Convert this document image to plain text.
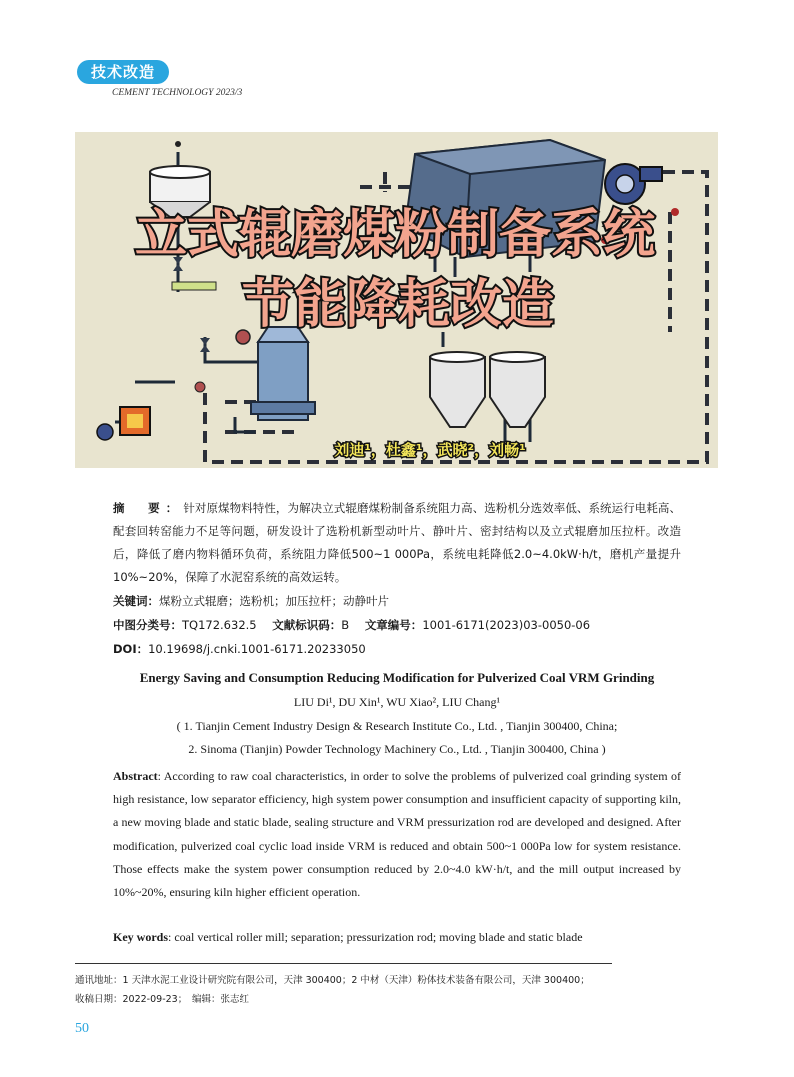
技术改造
CEMENT TECHNOLOGY 2023/3
立式辊磨煤粉制备系统
节能降耗改造
刘迪¹，杜鑫¹，武晓²，刘畅¹
摘　要：针对原煤物料特性，为解决立式辊磨煤粉制备系统阻力高、选粉机分选效率低、系统运行电耗高、配套回转窑能力不足等问题，研发设计了选粉机新型动叶片、静叶片、密封结构以及立式辊磨加压拉杆。改造后，降低了磨内物料循环负荷，系统阻力降低500~1 000Pa，系统电耗降低2.0~4.0kW·h/t，磨机产量提升10%~20%，保障了水泥窑系统的高效运转。
关键词：煤粉立式辊磨；选粉机；加压拉杆；动静叶片
中图分类号：TQ172.632.5 文献标识码：B 文章编号：1001-6171(2023)03-0050-06
DOI：10.19698/j.cnki.1001-6171.20233050
Energy Saving and Consumption Reducing Modification for Pulverized Coal VRM Grinding
LIU Di¹, DU Xin¹, WU Xiao², LIU Chang¹
( 1. Tianjin Cement Industry Design & Research Institute Co., Ltd. , Tianjin 300400, China;
2. Sinoma (Tianjin) Powder Technology Machinery Co., Ltd. , Tianjin 300400, China )
Abstract: According to raw coal characteristics, in order to solve the problems of pulverized coal grinding system of high resistance, low separator efficiency, high system power consumption and insufficient capacity of supporting kiln, a new moving blade and static blade, sealing structure and VRM pressurization rod are developed and designed. After modification, pulverized coal cyclic load inside VRM is reduced and obtain 500~1 000Pa low for system resistance. Those effects make the system power consumption reduced by 2.0~4.0 kW·h/t, and the mill output increased by 10%~20%, ensuring kiln higher efficient operation.
Key words: coal vertical roller mill; separation; pressurization rod; moving blade and static blade
通讯地址：1 天津水泥工业设计研究院有限公司，天津 300400；2 中材（天津）粉体技术装备有限公司，天津 300400；
收稿日期：2022-09-23；　编辑：张志红
50
